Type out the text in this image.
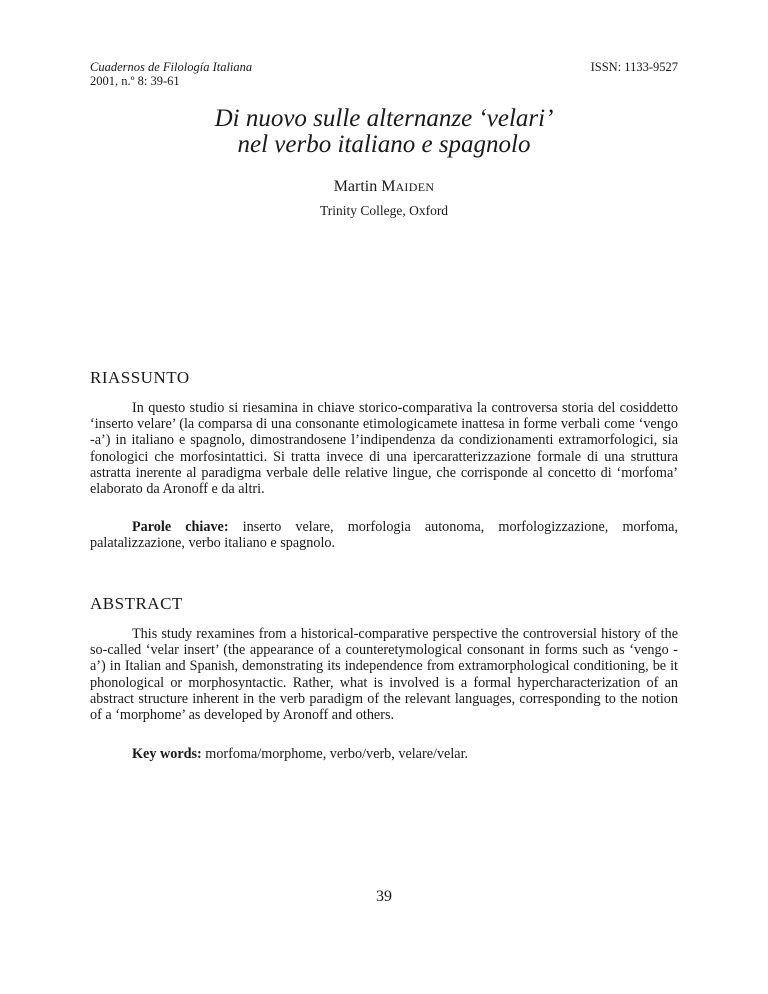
Cuadernos de Filología Italiana
2001, n.º 8: 39-61
ISSN: 1133-9527
Di nuovo sulle alternanze ‘velari’
nel verbo italiano e spagnolo
Martin MAIDEN
Trinity College, Oxford
RIASSUNTO
In questo studio si riesamina in chiave storico-comparativa la controversa storia del cosiddetto ‘inserto velare’ (la comparsa di una consonante etimologicamete inattesa in forme verbali come ‘vengo -a’) in italiano e spagnolo, dimostrandosene l’indipendenza da condizionamenti extramorfologici, sia fonologici che morfosintattici. Si tratta invece di una ipercaratterizzazione formale di una struttura astratta inerente al paradigma verbale delle relative lingue, che corrisponde al concetto di ‘morfoma’ elaborato da Aronoff e da altri.
Parole chiave: inserto velare, morfologia autonoma, morfologizzazione, morfoma, palatalizzazione, verbo italiano e spagnolo.
ABSTRACT
This study rexamines from a historical-comparative perspective the controversial history of the so-called ‘velar insert’ (the appearance of a counteretymological consonant in forms such as ‘vengo -a’) in Italian and Spanish, demonstrating its independence from extramorphological conditioning, be it phonological or morphosyntactic. Rather, what is involved is a formal hypercharacterization of an abstract structure inherent in the verb paradigm of the relevant languages, corresponding to the notion of a ‘morphome’ as developed by Aronoff and others.
Key words: morfoma/morphome, verbo/verb, velare/velar.
39
